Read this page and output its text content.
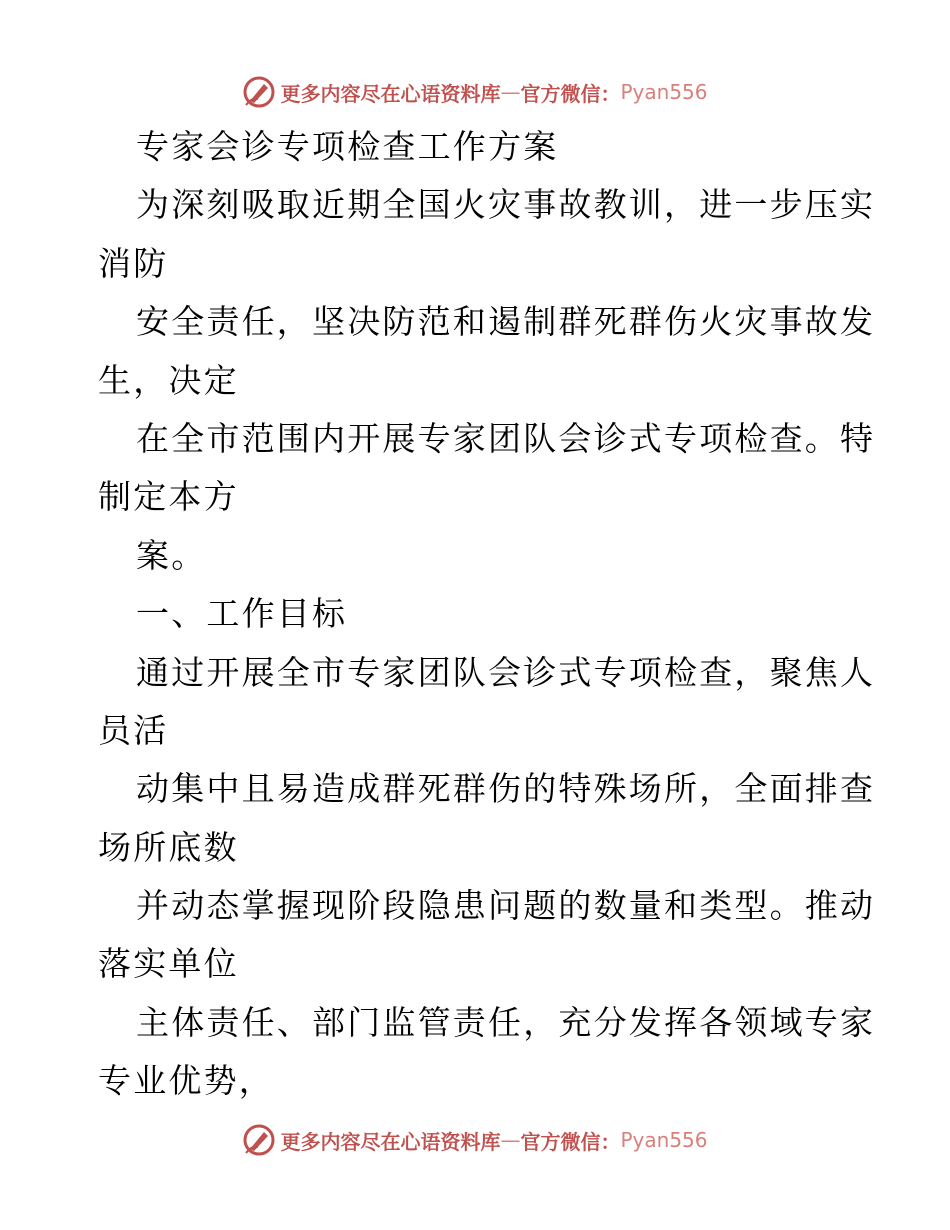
更多内容尽在心语资料库 — 官方微信： Pyan556
专家会诊专项检查工作方案
为深刻吸取近期全国火灾事故教训，进一步压实
消防
安全责任，坚决防范和遏制群死群伤火灾事故发
生，决定
在全市范围内开展专家团队会诊式专项检查。特
制定本方
案。
一、工作目标
通过开展全市专家团队会诊式专项检查，聚焦人
员活
动集中且易造成群死群伤的特殊场所，全面排查
场所底数
并动态掌握现阶段隐患问题的数量和类型。推动
落实单位
主体责任、部门监管责任，充分发挥各领域专家
专业优势，
更多内容尽在心语资料库 — 官方微信： Pyan556
